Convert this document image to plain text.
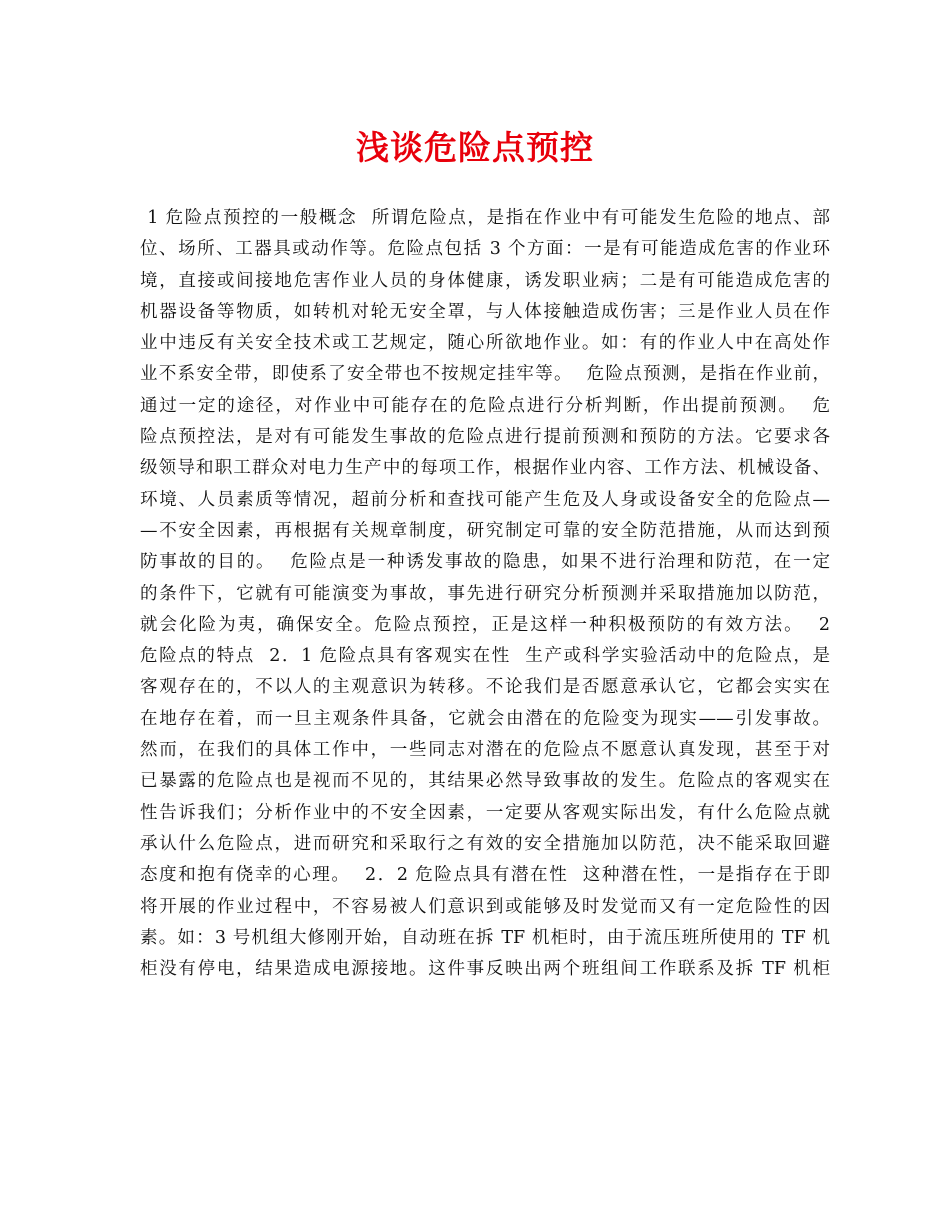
浅谈危险点预控
1 危险点预控的一般概念  所谓危险点，是指在作业中有可能发生危险的地点、部
位、场所、工器具或动作等。危险点包括 3 个方面：一是有可能造成危害的作业环
境，直接或间接地危害作业人员的身体健康，诱发职业病；二是有可能造成危害的
机器设备等物质，如转机对轮无安全罩，与人体接触造成伤害；三是作业人员在作
业中违反有关安全技术或工艺规定，随心所欲地作业。如：有的作业人中在高处作
业不系安全带，即使系了安全带也不按规定挂牢等。  危险点预测，是指在作业前，
通过一定的途径，对作业中可能存在的危险点进行分析判断，作出提前预测。  危
险点预控法，是对有可能发生事故的危险点进行提前预测和预防的方法。它要求各
级领导和职工群众对电力生产中的每项工作，根据作业内容、工作方法、机械设备、
环境、人员素质等情况，超前分析和查找可能产生危及人身或设备安全的危险点—
—不安全因素，再根据有关规章制度，研究制定可靠的安全防范措施，从而达到预
防事故的目的。  危险点是一种诱发事故的隐患，如果不进行治理和防范，在一定
的条件下，它就有可能演变为事故，事先进行研究分析预测并采取措施加以防范，
就会化险为夷，确保安全。危险点预控，正是这样一种积极预防的有效方法。  2
危险点的特点  2．1 危险点具有客观实在性  生产或科学实验活动中的危险点，是
客观存在的，不以人的主观意识为转移。不论我们是否愿意承认它，它都会实实在
在地存在着，而一旦主观条件具备，它就会由潜在的危险变为现实——引发事故。
然而，在我们的具体工作中，一些同志对潜在的危险点不愿意认真发现，甚至于对
已暴露的危险点也是视而不见的，其结果必然导致事故的发生。危险点的客观实在
性告诉我们；分析作业中的不安全因素，一定要从客观实际出发，有什么危险点就
承认什么危险点，进而研究和采取行之有效的安全措施加以防范，决不能采取回避
态度和抱有侥幸的心理。  2．2 危险点具有潜在性  这种潜在性，一是指存在于即
将开展的作业过程中，不容易被人们意识到或能够及时发觉而又有一定危险性的因
素。如：3 号机组大修刚开始，自动班在拆 TF 机柜时，由于流压班所使用的 TF 机
柜没有停电，结果造成电源接地。这件事反映出两个班组间工作联系及拆 TF 机柜
